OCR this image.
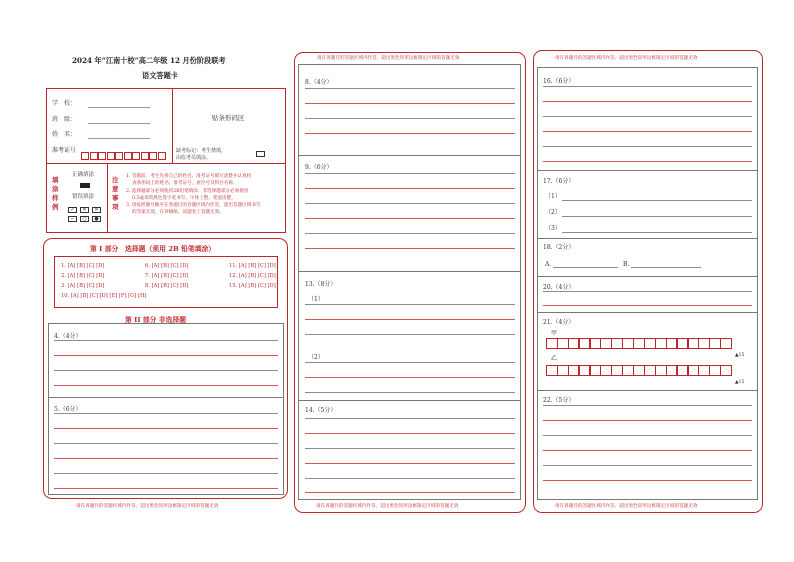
2024 年“江南十校”高二年级 12 月份阶段联考
语文答题卡
学　校：
班　级：
姓　名：
准考证号
贴条形码区
缺考标记：考生禁填，
由监考员填涂。
填涂样例
正确填涂
错误填涂
✓ ✕ ✕
─ ○ ●
注意事项
1. 答题前，考生先将自己的姓名、准考证号填写清楚并认真检
　 查条形码上的姓名、准考证号，座位号及科目名称。
2. 选择题部分必须使用2B铅笔填涂；非选择题部分必须使用
　 0.5毫米的黑色签字笔书写，字体工整，笔迹清楚。
3. 请按照题号顺序在各题目的答题区域内作答，超出答题区域书写
　 的答案无效，在草稿纸、试题卷上答题无效。
第 I 部分　选择题（须用 2B 铅笔填涂）
1. [A] [B] [C] [D]	6. [A] [B] [C] [D]	11. [A] [B] [C] [D]
2. [A] [B] [C] [D]	7. [A] [B] [C] [D]	12. [A] [B] [C] [D]
3. [A] [B] [C] [D]	8. [A] [B] [C] [D]	15. [A] [B] [C] [D]
10. [A] [B] [C] [D] [E] [F] [G] [H]
第 II 部分 非选择题
4.（4分）
5.（6分）
请在各题目的答题区域内作答，超出黑色矩形边框限定区域的答题无效
请在各题目的答题区域内作答，超出黑色矩形边框限定区域的答题无效
8.（4分）
9.（6分）
13.（8分）
（1）
（2）
14.（5分）
请在各题目的答题区域内作答，超出黑色矩形边框限定区域的答题无效
请在各题目的答题区域内作答，超出黑色矩形边框限定区域的答题无效
16.（6分）
17.（6分）
（1）
（2）
（3）
18.（2分）
A.	B.
20.（4分）
21.（4分）
甲
▲15
乙
▲15
22.（5分）
请在各题目的答题区域内作答，超出黑色矩形边框限定区域的答题无效
